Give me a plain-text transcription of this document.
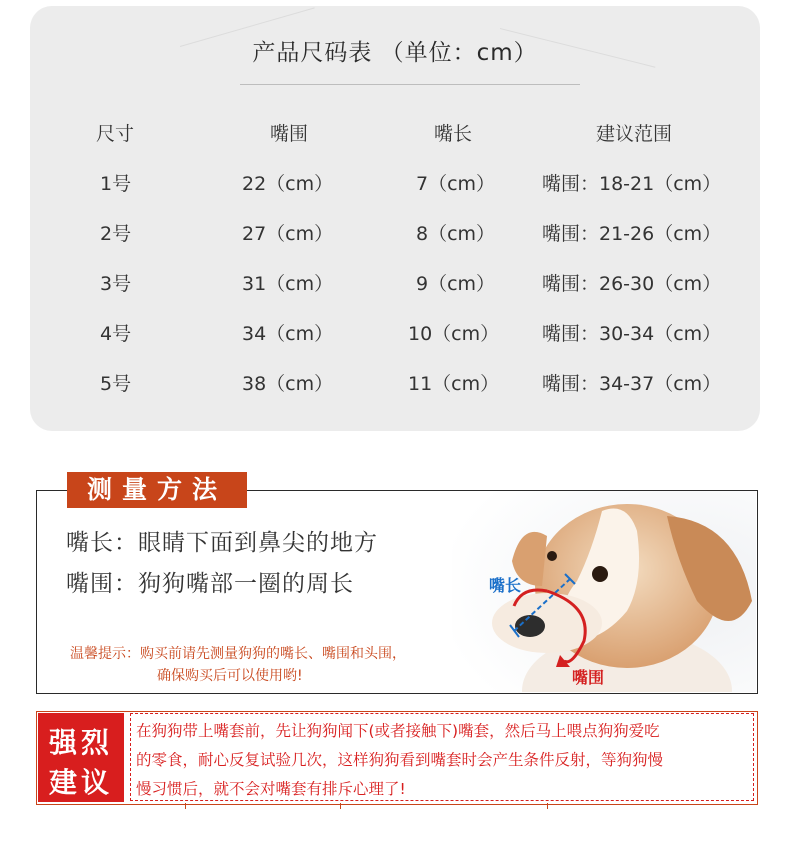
产品尺码表 （单位：cm）
尺寸	嘴围	嘴长	建议范围
1号	22（cm）	7（cm） 嘴围：18-21（cm）
2号	27（cm）	8（cm） 嘴围：21-26（cm）
3号	31（cm）	9（cm） 嘴围：26-30（cm）
4号	34（cm）	10（cm） 嘴围：30-34（cm）
5号	38（cm）	11（cm） 嘴围：34-37（cm）
测量方法
嘴长：眼睛下面到鼻尖的地方
嘴围：狗狗嘴部一圈的周长
温馨提示：购买前请先测量狗狗的嘴长、嘴围和头围，
确保购买后可以使用哟!
嘴长
嘴围
强烈
建议
在狗狗带上嘴套前，先让狗狗闻下(或者接触下)嘴套，然后马上喂点狗狗爱吃
的零食，耐心反复试验几次，这样狗狗看到嘴套时会产生条件反射，等狗狗慢
慢习惯后，就不会对嘴套有排斥心理了!
